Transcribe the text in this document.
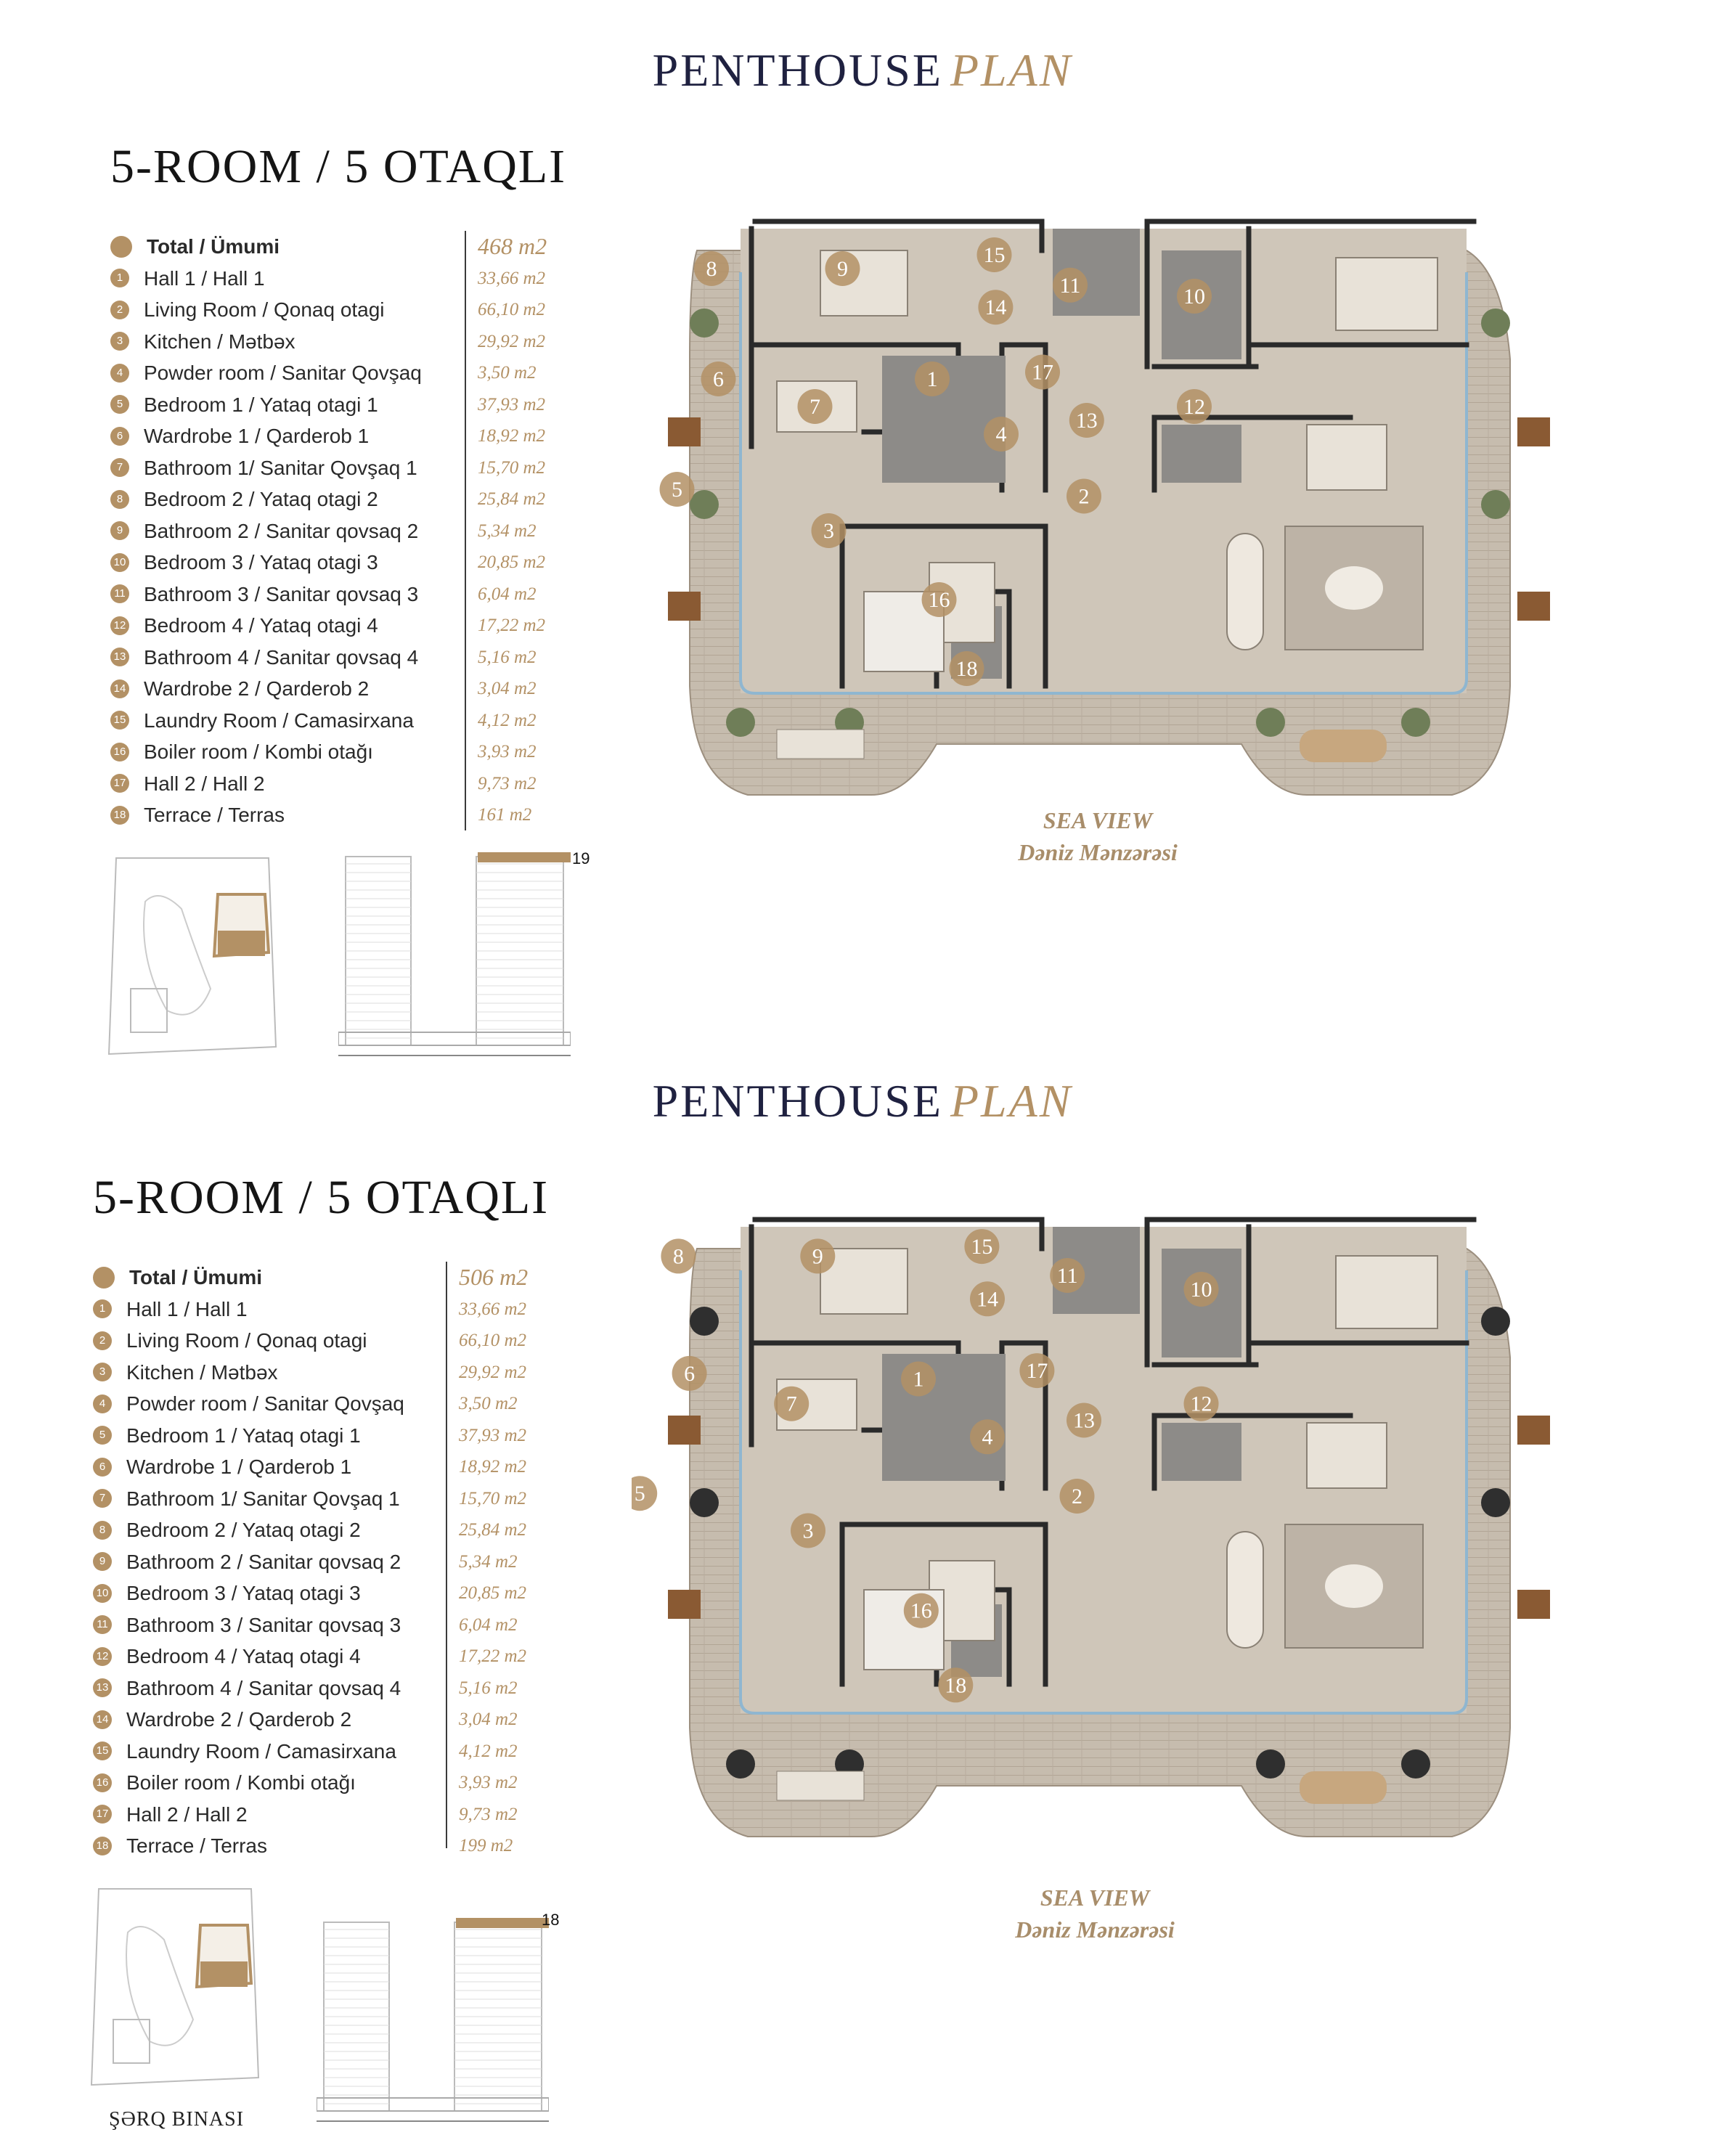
PENTHOUSE PLAN
5-ROOM / 5 OTAQLI
Total / Ümumi	468 m2
1 Hall 1 / Hall 1	33,66 m2
2 Living Room / Qonaq otagi	66,10 m2
3 Kitchen / Mətbəx	29,92 m2
4 Powder room / Sanitar Qovşaq	3,50 m2
5 Bedroom 1 / Yataq otagi 1	37,93 m2
6 Wardrobe 1 / Qarderob 1	18,92 m2
7 Bathroom 1/ Sanitar Qovşaq 1	15,70 m2
8 Bedroom 2 / Yataq otagi 2	25,84 m2
9 Bathroom 2 / Sanitar qovsaq 2	5,34 m2
10 Bedroom 3 / Yataq otagi 3	20,85 m2
11 Bathroom 3 / Sanitar qovsaq 3	6,04 m2
12 Bedroom 4 / Yataq otagi 4	17,22 m2
13 Bathroom 4 / Sanitar qovsaq 4	5,16 m2
14 Wardrobe 2 / Qarderob 2	3,04 m2
15 Laundry Room / Camasirxana	4,12 m2
16 Boiler room / Kombi otağı	3,93 m2
17 Hall 2 / Hall 2	9,73 m2
18 Terrace / Terras	161 m2
1
2
3
4
5
6
7
8	9
10
11
12
13
14
15
16
17
18
SEA VIEW
Dəniz Mənzərəsi
19
PENTHOUSE PLAN
5-ROOM / 5 OTAQLI
Total / Ümumi	506 m2
1 Hall 1 / Hall 1	33,66 m2
2 Living Room / Qonaq otagi	66,10 m2
3 Kitchen / Mətbəx	29,92 m2
4 Powder room / Sanitar Qovşaq	3,50 m2
5 Bedroom 1 / Yataq otagi 1	37,93 m2
6 Wardrobe 1 / Qarderob 1	18,92 m2
7 Bathroom 1/ Sanitar Qovşaq 1	15,70 m2
8 Bedroom 2 / Yataq otagi 2	25,84 m2
9 Bathroom 2 / Sanitar qovsaq 2	5,34 m2
10 Bedroom 3 / Yataq otagi 3	20,85 m2
11 Bathroom 3 / Sanitar qovsaq 3	6,04 m2
12 Bedroom 4 / Yataq otagi 4	17,22 m2
13 Bathroom 4 / Sanitar qovsaq 4	5,16 m2
14 Wardrobe 2 / Qarderob 2	3,04 m2
15 Laundry Room / Camasirxana	4,12 m2
16 Boiler room / Kombi otağı	3,93 m2
17 Hall 2 / Hall 2	9,73 m2
18 Terrace / Terras	199 m2
1
2
3
4
5
6
7
8	9
10
11
12
13
14
15
16
17
18
SEA VIEW
Dəniz Mənzərəsi
18
ŞƏRQ BINASI
